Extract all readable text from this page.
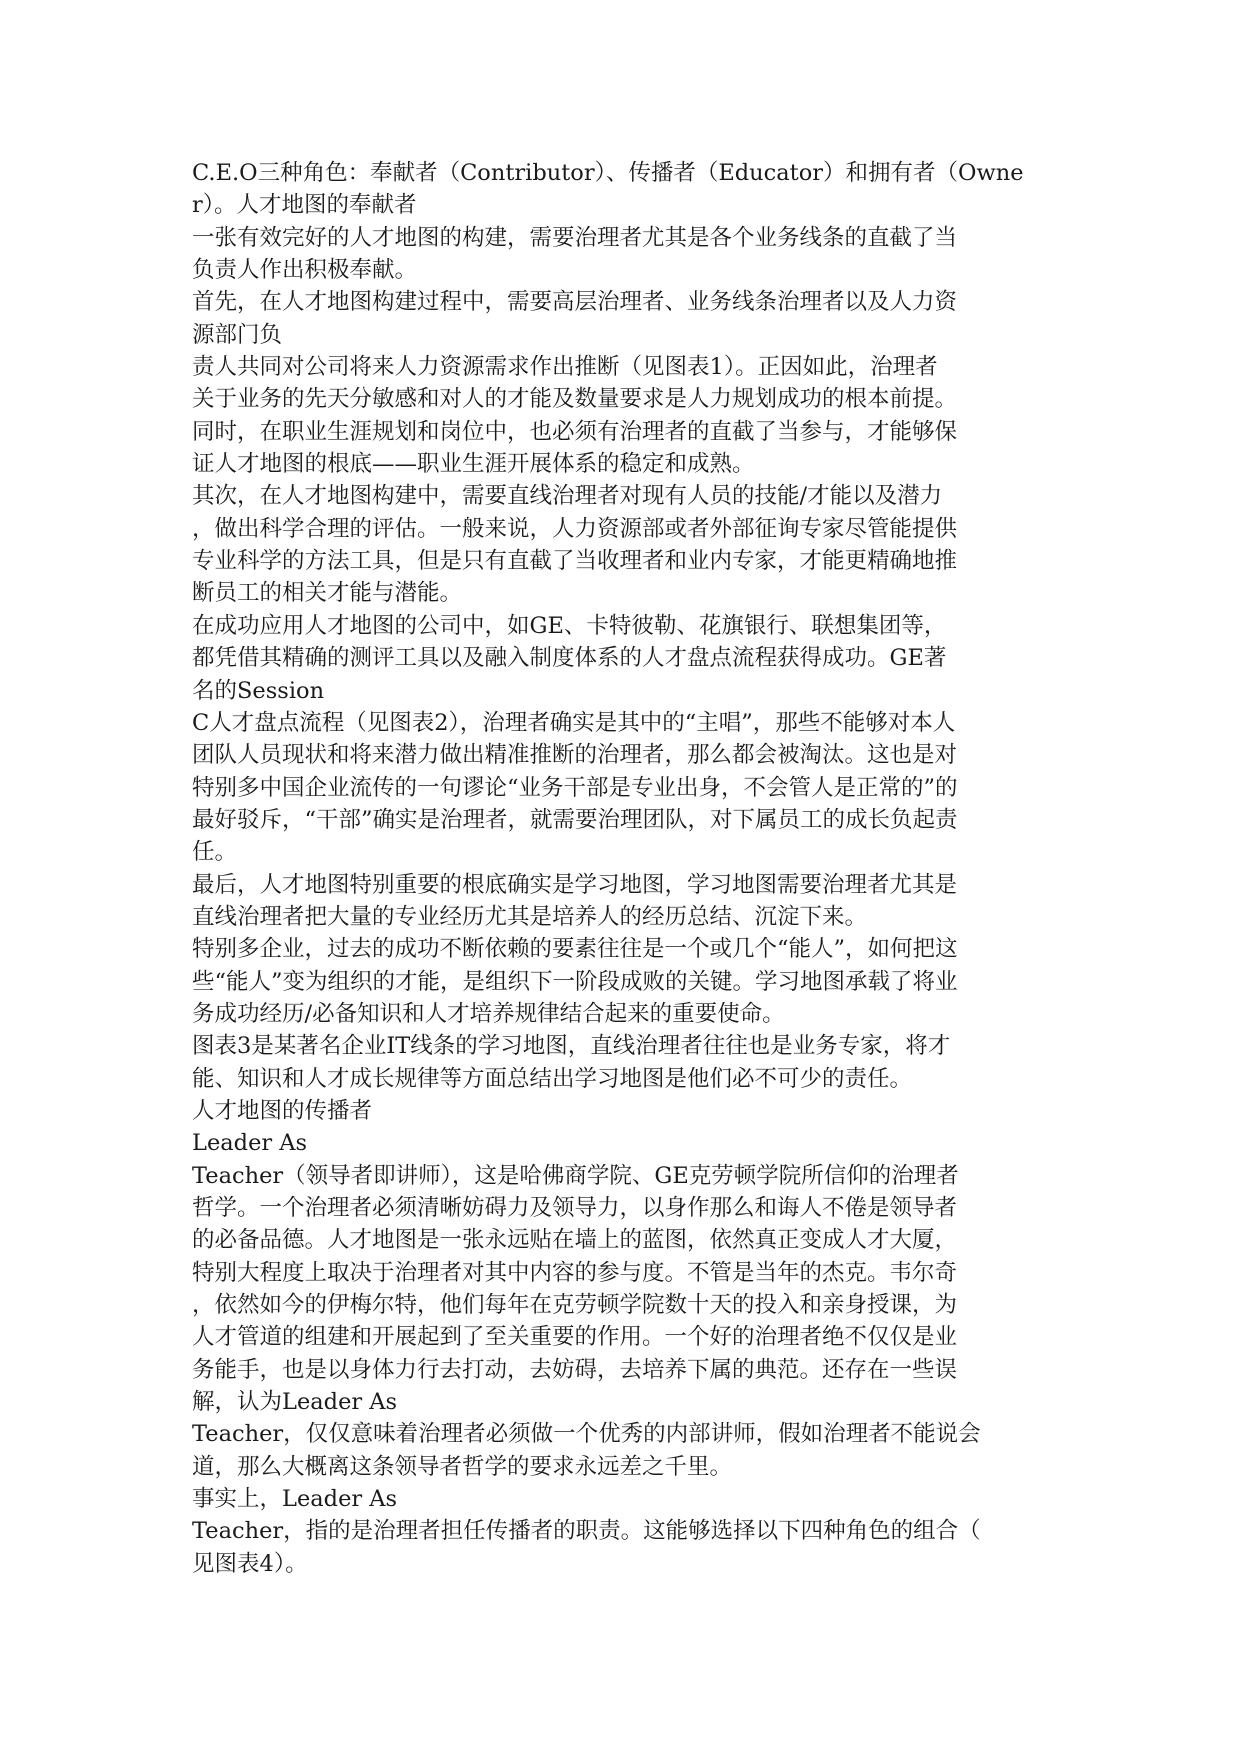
C.E.O三种角色：奉献者（Contributor）、传播者（Educator）和拥有者（Owne
r）。人才地图的奉献者
一张有效完好的人才地图的构建，需要治理者尤其是各个业务线条的直截了当
负责人作出积极奉献。
首先，在人才地图构建过程中，需要高层治理者、业务线条治理者以及人力资
源部门负
责人共同对公司将来人力资源需求作出推断（见图表1）。正因如此，治理者
关于业务的先天分敏感和对人的才能及数量要求是人力规划成功的根本前提。
同时，在职业生涯规划和岗位中，也必须有治理者的直截了当参与，才能够保
证人才地图的根底——职业生涯开展体系的稳定和成熟。
其次，在人才地图构建中，需要直线治理者对现有人员的技能/才能以及潜力
，做出科学合理的评估。一般来说，人力资源部或者外部征询专家尽管能提供
专业科学的方法工具，但是只有直截了当收理者和业内专家，才能更精确地推
断员工的相关才能与潜能。
在成功应用人才地图的公司中，如GE、卡特彼勒、花旗银行、联想集团等，
都凭借其精确的测评工具以及融入制度体系的人才盘点流程获得成功。GE著
名的Session
C人才盘点流程（见图表2），治理者确实是其中的“主唱”，那些不能够对本人
团队人员现状和将来潜力做出精准推断的治理者，那么都会被淘汰。这也是对
特别多中国企业流传的一句谬论“业务干部是专业出身，不会管人是正常的”的
最好驳斥，“干部”确实是治理者，就需要治理团队，对下属员工的成长负起责
任。
最后，人才地图特别重要的根底确实是学习地图，学习地图需要治理者尤其是
直线治理者把大量的专业经历尤其是培养人的经历总结、沉淀下来。
特别多企业，过去的成功不断依赖的要素往往是一个或几个“能人”，如何把这
些“能人”变为组织的才能，是组织下一阶段成败的关键。学习地图承载了将业
务成功经历/必备知识和人才培养规律结合起来的重要使命。
图表3是某著名企业IT线条的学习地图，直线治理者往往也是业务专家，将才
能、知识和人才成长规律等方面总结出学习地图是他们必不可少的责任。
人才地图的传播者
Leader As
Teacher（领导者即讲师），这是哈佛商学院、GE克劳顿学院所信仰的治理者
哲学。一个治理者必须清晰妨碍力及领导力，以身作那么和诲人不倦是领导者
的必备品德。人才地图是一张永远贴在墙上的蓝图，依然真正变成人才大厦，
特别大程度上取决于治理者对其中内容的参与度。不管是当年的杰克。韦尔奇
，依然如今的伊梅尔特，他们每年在克劳顿学院数十天的投入和亲身授课，为
人才管道的组建和开展起到了至关重要的作用。一个好的治理者绝不仅仅是业
务能手，也是以身体力行去打动，去妨碍，去培养下属的典范。还存在一些误
解，认为Leader As
Teacher，仅仅意味着治理者必须做一个优秀的内部讲师，假如治理者不能说会
道，那么大概离这条领导者哲学的要求永远差之千里。
事实上，Leader As
Teacher，指的是治理者担任传播者的职责。这能够选择以下四种角色的组合（
见图表4）。
